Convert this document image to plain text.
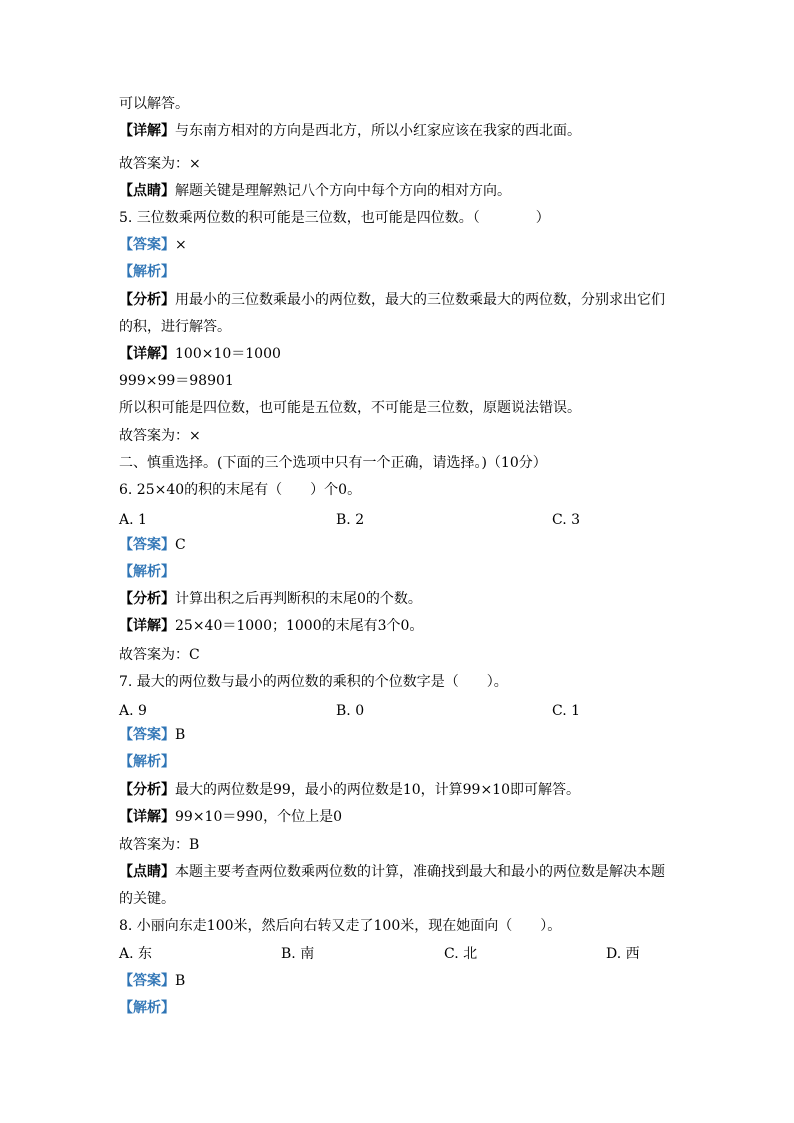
可以解答。
【详解】与东南方相对的方向是西北方，所以小红家应该在我家的西北面。
故答案为：×
【点睛】解题关键是理解熟记八个方向中每个方向的相对方向。
5. 三位数乘两位数的积可能是三位数，也可能是四位数。（　　　　）
【答案】×
【解析】
【分析】用最小的三位数乘最小的两位数，最大的三位数乘最大的两位数，分别求出它们
的积，进行解答。
【详解】100×10＝1000
999×99＝98901
所以积可能是四位数，也可能是五位数，不可能是三位数，原题说法错误。
故答案为：×
二、慎重选择。(下面的三个选项中只有一个正确，请选择。)（10分）
6. 25×40的积的末尾有（　　）个0。
A. 1	B. 2	C. 3
【答案】C
【解析】
【分析】计算出积之后再判断积的末尾0的个数。
【详解】25×40＝1000；1000的末尾有3个0。
故答案为：C
7. 最大的两位数与最小的两位数的乘积的个位数字是（　　）。
A. 9	B. 0	C. 1
【答案】B
【解析】
【分析】最大的两位数是99，最小的两位数是10，计算99×10即可解答。
【详解】99×10＝990，个位上是0
故答案为：B
【点睛】本题主要考查两位数乘两位数的计算，准确找到最大和最小的两位数是解决本题
的关键。
8. 小丽向东走100米，然后向右转又走了100米，现在她面向（　　）。
A. 东	B. 南	C. 北	D. 西
【答案】B
【解析】
